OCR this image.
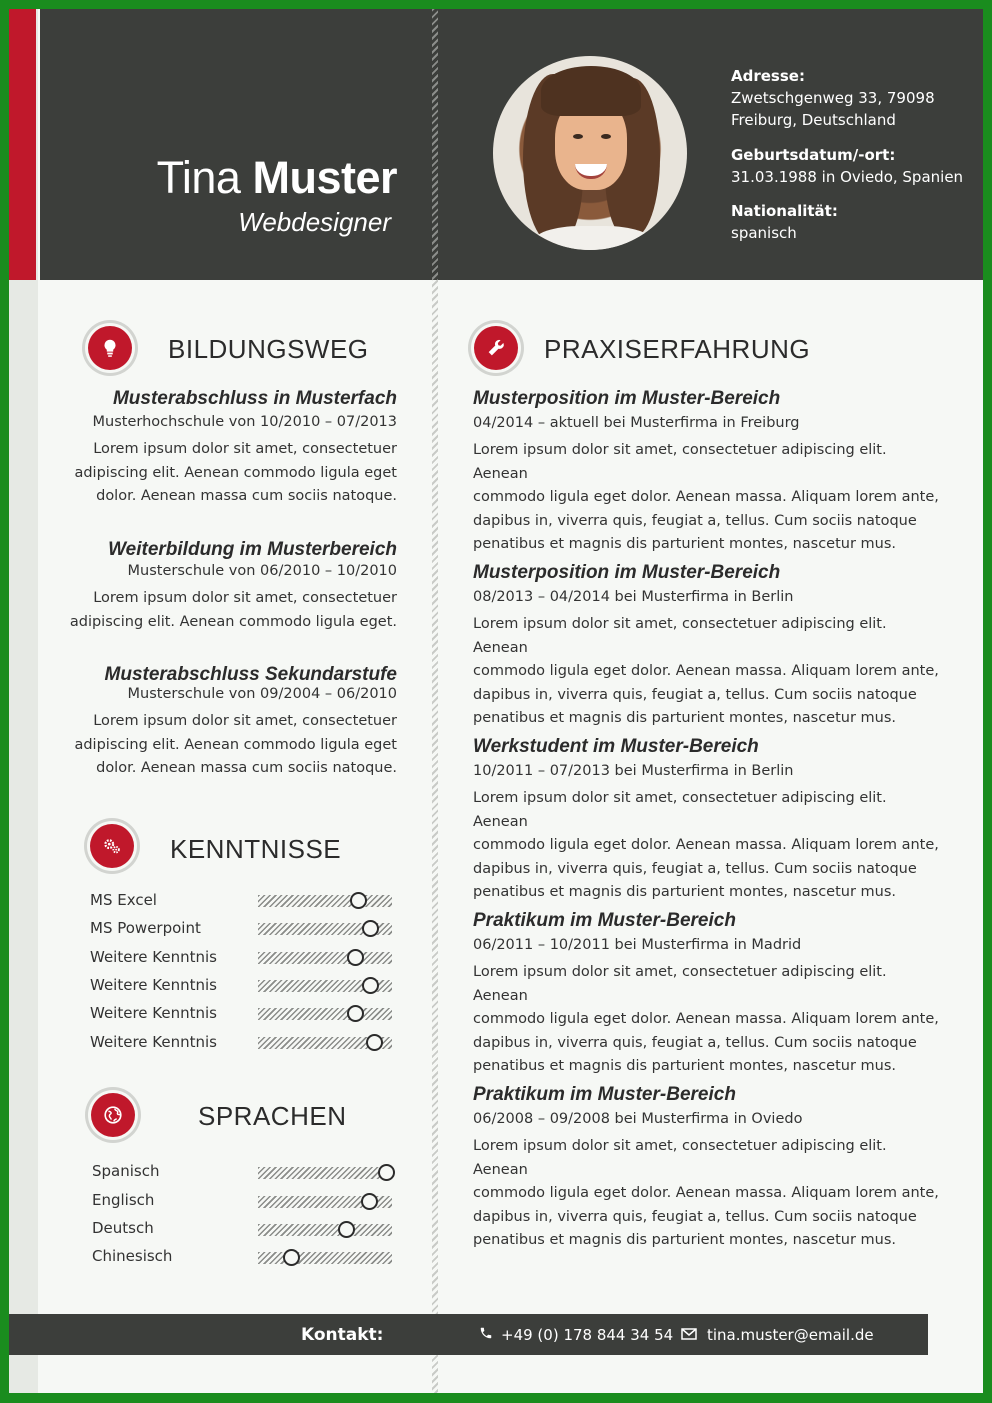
Tina Muster
Webdesigner
Adresse:
Zwetschgenweg 33, 79098
Freiburg, Deutschland
Geburtsdatum/-ort:
31.03.1988 in Oviedo, Spanien
Nationalität:
spanisch
BILDUNGSWEG	PRAXISERFAHRUNG
KENNTNISSE
SPRACHEN
Musterabschluss in Musterfach
Musterhochschule von 10/2010 – 07/2013
Lorem ipsum dolor sit amet, consectetuer
adipiscing elit. Aenean commodo ligula eget
dolor. Aenean massa cum sociis natoque.
Weiterbildung im Musterbereich
Musterschule von 06/2010 – 10/2010
Lorem ipsum dolor sit amet, consectetuer
adipiscing elit. Aenean commodo ligula eget.
Musterabschluss Sekundarstufe
Musterschule von 09/2004 – 06/2010
Lorem ipsum dolor sit amet, consectetuer
adipiscing elit. Aenean commodo ligula eget
dolor. Aenean massa cum sociis natoque.
Kontakt:	+49 (0) 178 844 34 54 tina.muster@email.de
MS Excel
MS Powerpoint
Weitere Kenntnis
Weitere Kenntnis
Weitere Kenntnis
Weitere Kenntnis
Spanisch
Englisch
Deutsch
Chinesisch
Musterposition im Muster-Bereich
04/2014 – aktuell bei Musterfirma in Freiburg
Lorem ipsum dolor sit amet, consectetuer adipiscing elit. Aenean
commodo ligula eget dolor. Aenean massa. Aliquam lorem ante,
dapibus in, viverra quis, feugiat a, tellus. Cum sociis natoque
penatibus et magnis dis parturient montes, nascetur mus.
Musterposition im Muster-Bereich
08/2013 – 04/2014 bei Musterfirma in Berlin
Lorem ipsum dolor sit amet, consectetuer adipiscing elit. Aenean
commodo ligula eget dolor. Aenean massa. Aliquam lorem ante,
dapibus in, viverra quis, feugiat a, tellus. Cum sociis natoque
penatibus et magnis dis parturient montes, nascetur mus.
Werkstudent im Muster-Bereich
10/2011 – 07/2013 bei Musterfirma in Berlin
Lorem ipsum dolor sit amet, consectetuer adipiscing elit. Aenean
commodo ligula eget dolor. Aenean massa. Aliquam lorem ante,
dapibus in, viverra quis, feugiat a, tellus. Cum sociis natoque
penatibus et magnis dis parturient montes, nascetur mus.
Praktikum im Muster-Bereich
06/2011 – 10/2011 bei Musterfirma in Madrid
Lorem ipsum dolor sit amet, consectetuer adipiscing elit. Aenean
commodo ligula eget dolor. Aenean massa. Aliquam lorem ante,
dapibus in, viverra quis, feugiat a, tellus. Cum sociis natoque
penatibus et magnis dis parturient montes, nascetur mus.
Praktikum im Muster-Bereich
06/2008 – 09/2008 bei Musterfirma in Oviedo
Lorem ipsum dolor sit amet, consectetuer adipiscing elit. Aenean
commodo ligula eget dolor. Aenean massa. Aliquam lorem ante,
dapibus in, viverra quis, feugiat a, tellus. Cum sociis natoque
penatibus et magnis dis parturient montes, nascetur mus.
